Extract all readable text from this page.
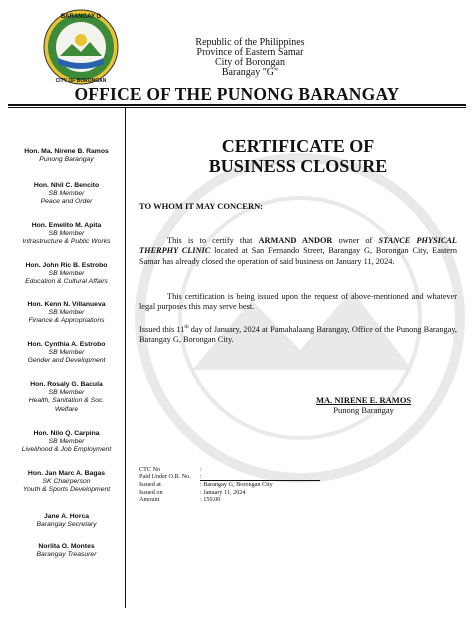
BARANGAY G
CITY OF BORONGAN
Republic of the Philippines
Province of Eastern Samar
City of Borongan
Barangay "G"
OFFICE OF THE PUNONG BARANGAY
Hon. Ma. Nirene B. Ramos
Punong Barangay
Hon. Nhil C. Bencito
SB Member
Peace and Order
Hon. Emelito M. Apita
SB Member
Infrastructure & Public Works
Hon. John Ric B. Estrobo
SB Member
Education & Cultural Affairs
Hon. Kenn N. Villanueva
SB Member
Finance & Appropriations
Hon. Cynthia A. Estrobo
SB Member
Gender and Development
Hon. Rosaly G. Bacula
SB Member
Health, Sanitation & Soc.
Welfare
Hon. Nilo Q. Carpina
SB Member
Livelihood & Job Employment
Hon. Jan Marc A. Bagas
SK Chairperson
Youth & Sports Development
Jane A. Horca
Barangay Secretary
Norlita O. Montes
Barangay Treasurer
CERTIFICATE OF
BUSINESS CLOSURE
TO WHOM IT MAY CONCERN:
This is to certify that ARMAND ANDOR owner of STANCE PHYSICAL THERPHY CLINIC located at San Fernando Street, Barangay G, Borongan City, Eastern Samar has already closed the operation of said business on January 11, 2024.
This certification is being issued upon the request of above-mentioned and whatever legal purposes this may serve best.
Issued this 11th day of January, 2024 at Pamahalaang Barangay, Office of the Punong Barangay, Barangay G, Borongan City.
MA. NIRENE E. RAMOS
Punong Barangay
CTC No	:
Paid Under O.R. No.	:
Issued at	: Barangay G, Borongan City
Issued on	: January 11, 2024
Amount	: 150.00
